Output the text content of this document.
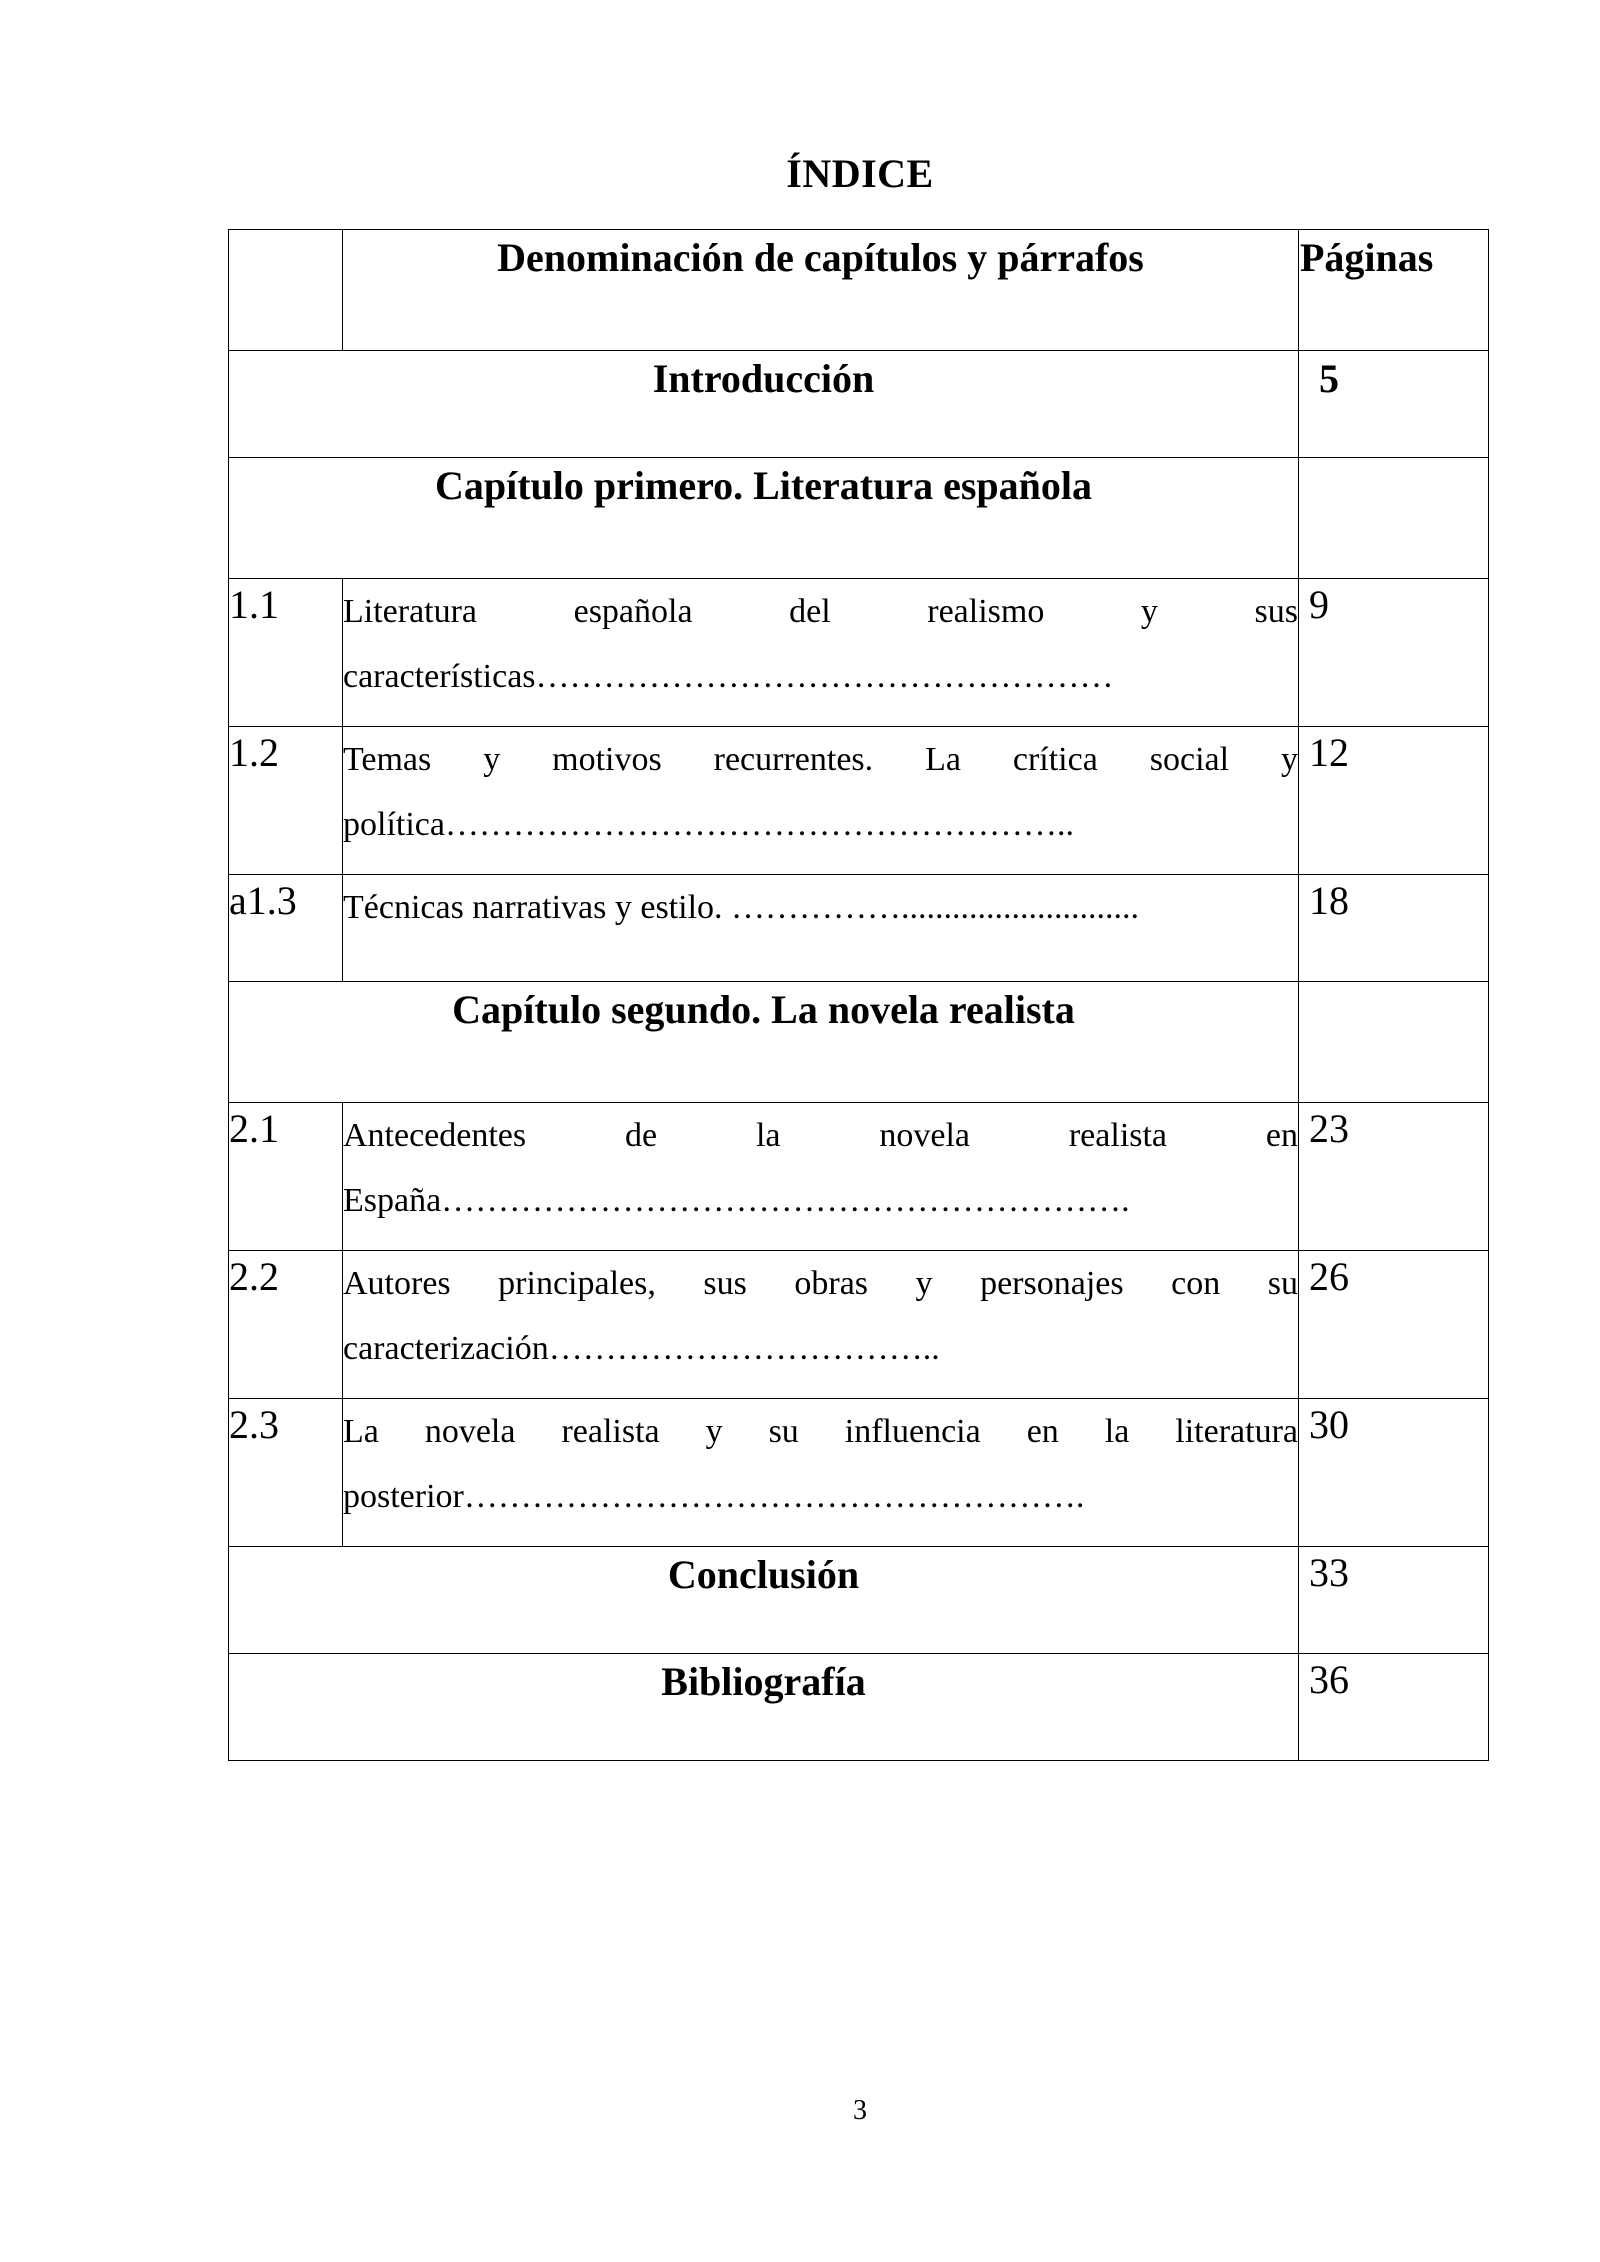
ÍNDICE
	Denominación de capítulos y párrafos	Páginas
Introducción		5
Capítulo primero. Literatura española		
1.1	Literatura española del realismo y sus características……………………………………………	9
1.2	Temas y motivos recurrentes. La crítica social y política………………………………………………..	12
a1.3	Técnicas narrativas y estilo. ……………............................	18
Capítulo segundo. La novela realista		
2.1	Antecedentes de la novela realista en España…………………………………………………….	23
2.2	Autores principales, sus obras y personajes con su caracterización……………………………..	26
2.3	La novela realista y su influencia en la literatura posterior……………………………………………….	30
Conclusión		33
Bibliografía		36
3
